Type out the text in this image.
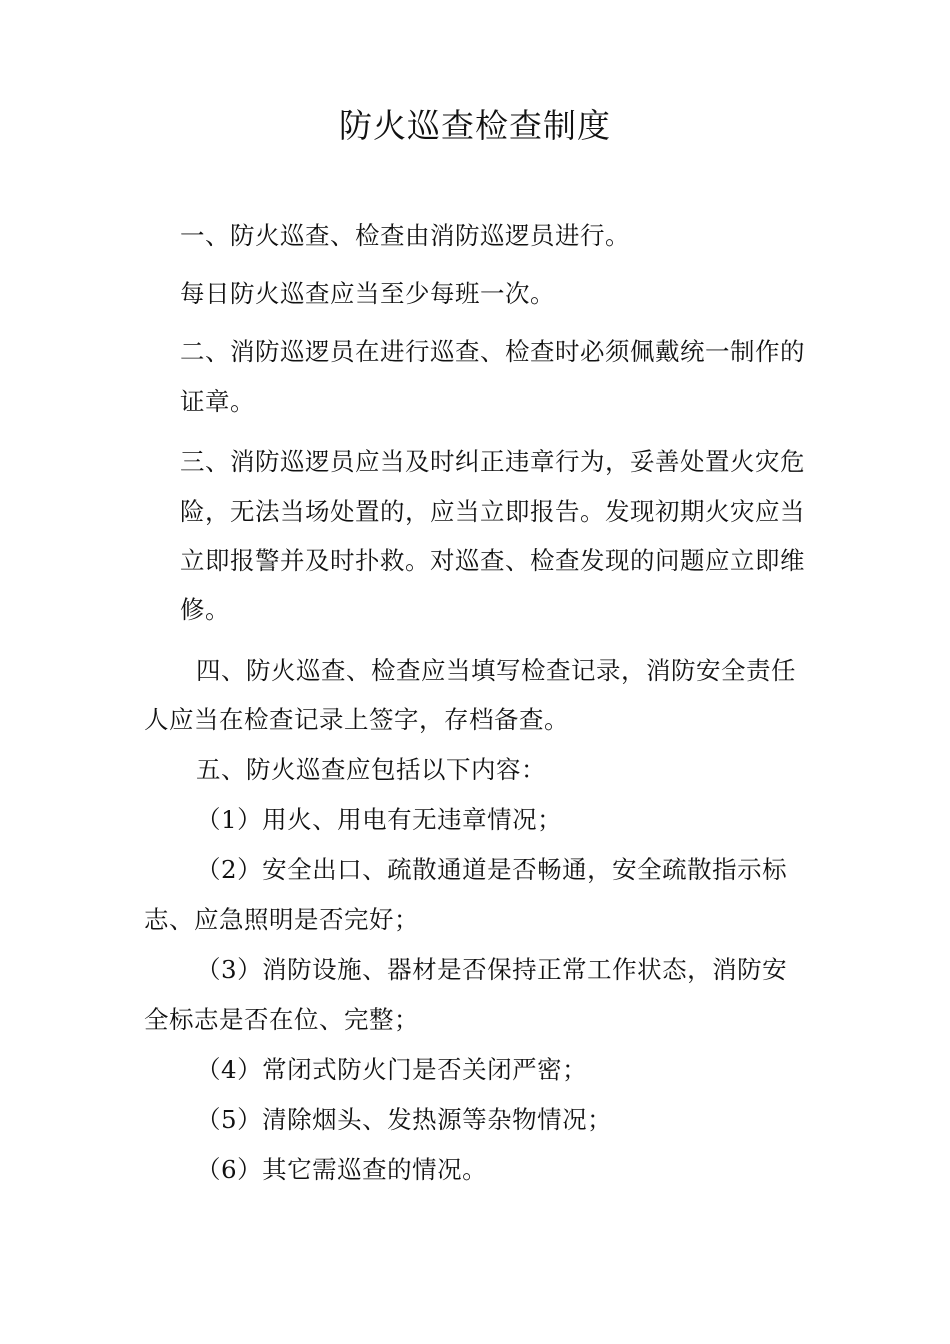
防火巡查检查制度
一、防火巡查、检查由消防巡逻员进行。
每日防火巡查应当至少每班一次。
二、消防巡逻员在进行巡查、检查时必须佩戴统一制作的
证章。
三、消防巡逻员应当及时纠正违章行为，妥善处置火灾危
险，无法当场处置的，应当立即报告。发现初期火灾应当
立即报警并及时扑救。对巡查、检查发现的问题应立即维
修。
四、防火巡查、检查应当填写检查记录，消防安全责任
人应当在检查记录上签字，存档备查。
五、防火巡查应包括以下内容：
（1）用火、用电有无违章情况；
（2）安全出口、疏散通道是否畅通，安全疏散指示标
志、应急照明是否完好；
（3）消防设施、器材是否保持正常工作状态，消防安
全标志是否在位、完整；
（4）常闭式防火门是否关闭严密；
（5）清除烟头、发热源等杂物情况；
（6）其它需巡查的情况。
